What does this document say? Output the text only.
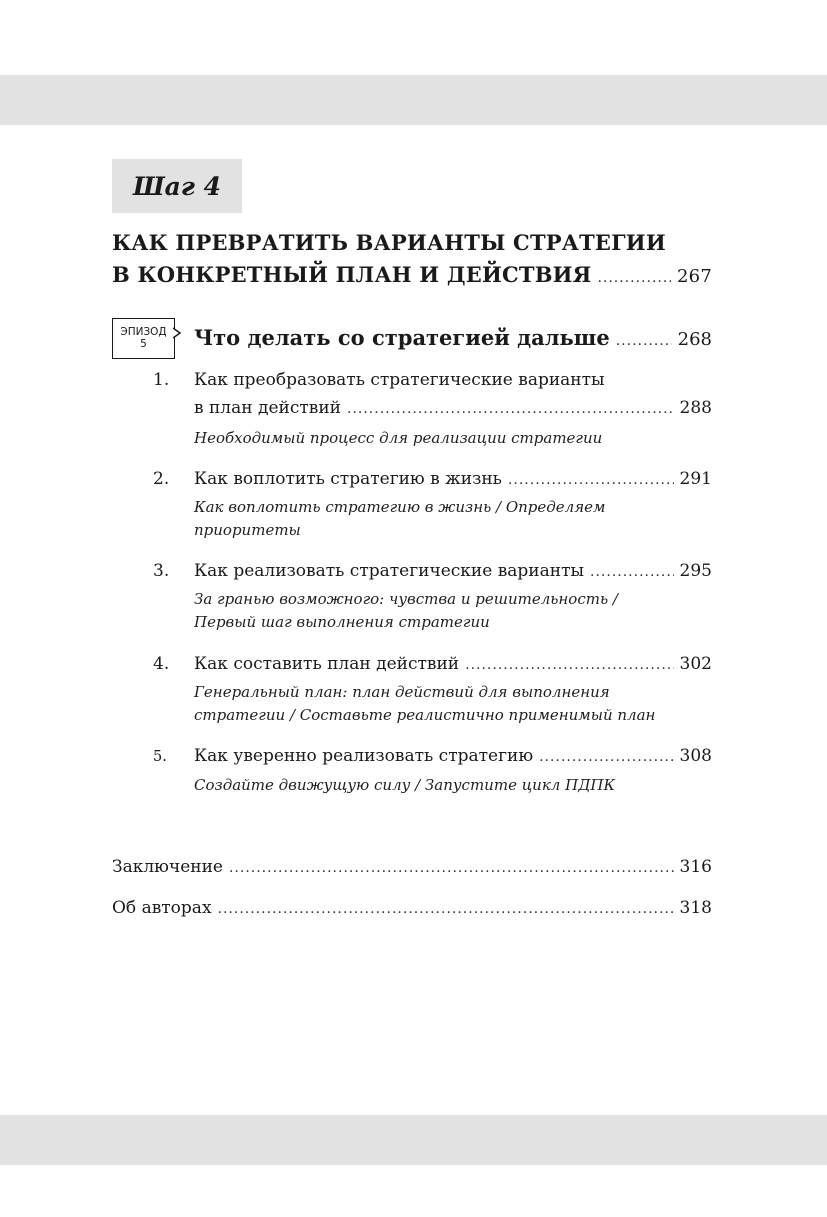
Шаг 4
КАК ПРЕВРАТИТЬ ВАРИАНТЫ СТРАТЕГИИ
В КОНКРЕТНЫЙ ПЛАН И ДЕЙСТВИЯ .....	267
ЭПИЗОД
5	Что делать со стратегией дальше .....	268
1. Как преобразовать стратегические варианты
в план действий .....	288
Необходимый процесс для реализации стратегии
2. Как воплотить стратегию в жизнь .....	291
Как воплотить стратегию в жизнь / Определяем
приоритеты
3. Как реализовать стратегические варианты .....	295
За гранью возможного: чувства и решительность /
Первый шаг выполнения стратегии
4. Как составить план действий .....	302
Генеральный план: план действий для выполнения
стратегии / Составьте реалистично применимый план
5. Как уверенно реализовать стратегию .....	308
Создайте движущую силу / Запустите цикл ПДПК
Заключение .....	316
Об авторах .....	318
